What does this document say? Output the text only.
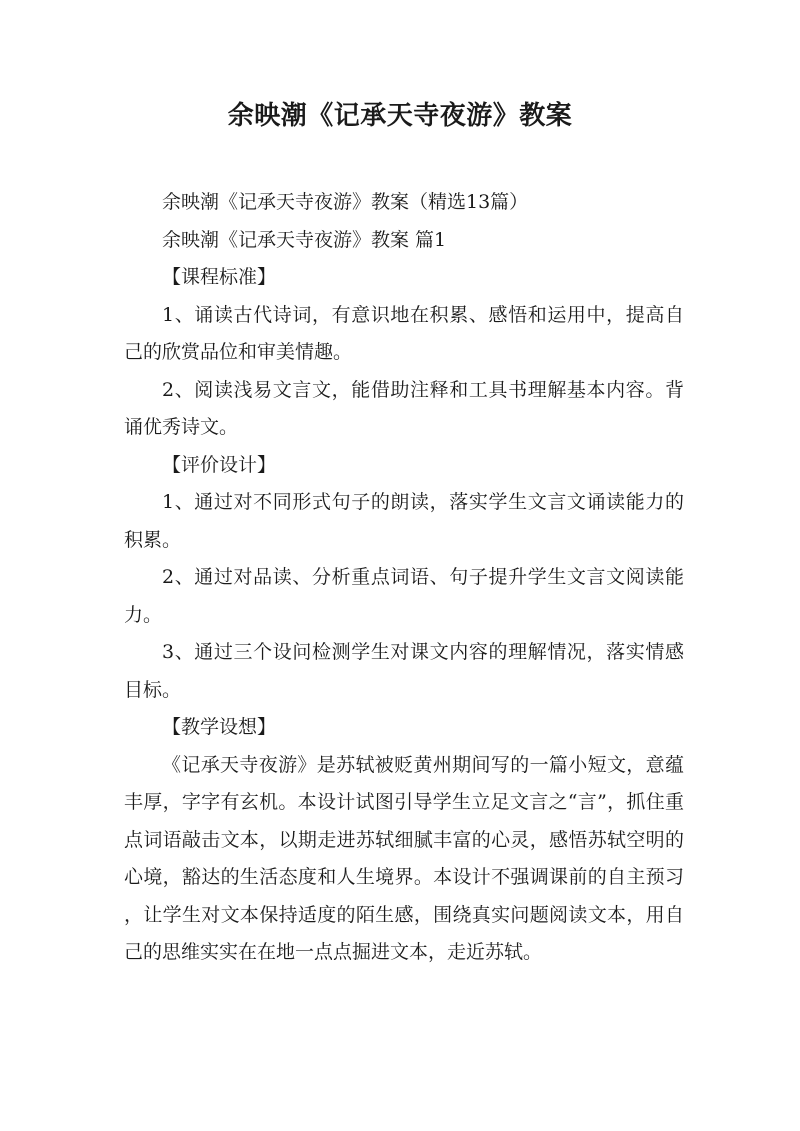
余映潮《记承天寺夜游》教案

余映潮《记承天寺夜游》教案（精选13篇）

余映潮《记承天寺夜游》教案 篇1

【课程标准】

1、诵读古代诗词，有意识地在积累、感悟和运用中，提高自己的欣赏品位和审美情趣。

2、阅读浅易文言文，能借助注释和工具书理解基本内容。背诵优秀诗文。

【评价设计】

1、通过对不同形式句子的朗读，落实学生文言文诵读能力的积累。

2、通过对品读、分析重点词语、句子提升学生文言文阅读能力。

3、通过三个设问检测学生对课文内容的理解情况，落实情感目标。

【教学设想】

《记承天寺夜游》是苏轼被贬黄州期间写的一篇小短文，意蕴丰厚，字字有玄机。本设计试图引导学生立足文言之“言”，抓住重点词语敲击文本，以期走进苏轼细腻丰富的心灵，感悟苏轼空明的心境，豁达的生活态度和人生境界。本设计不强调课前的自主预习，让学生对文本保持适度的陌生感，围绕真实问题阅读文本，用自己的思维实实在在地一点点掘进文本，走近苏轼。
